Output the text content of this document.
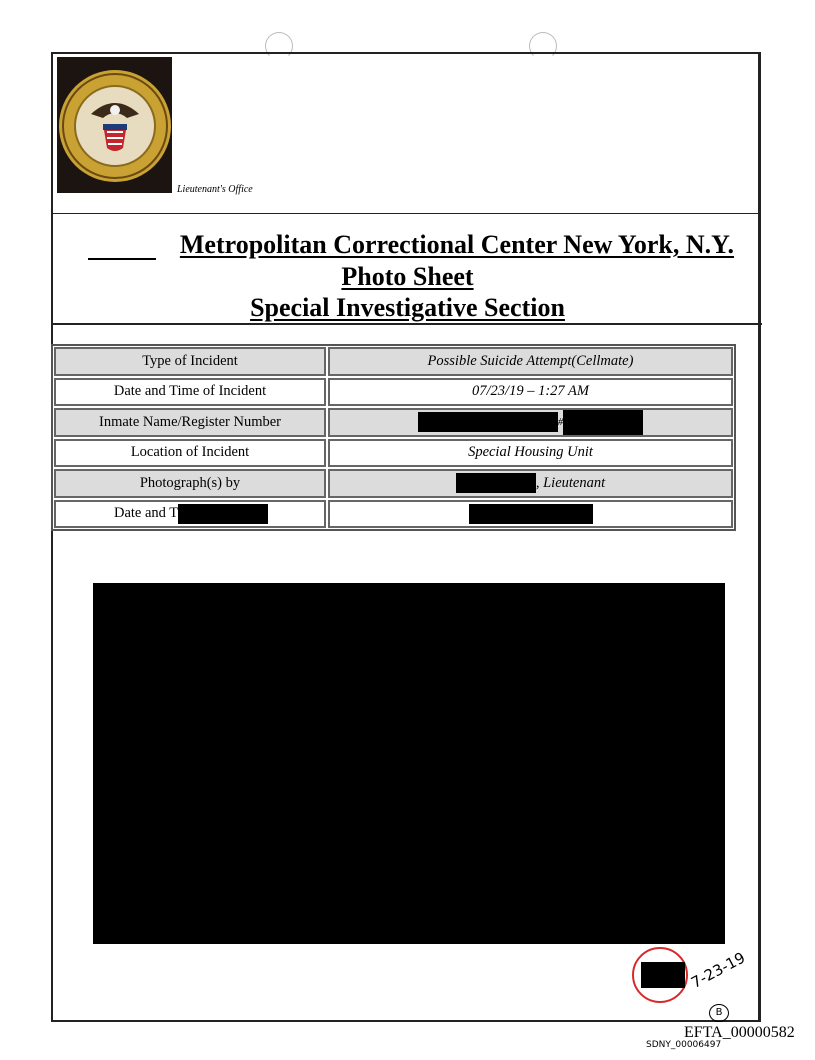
Lieutenant's Office
Metropolitan Correctional Center New York, N.Y.
Photo Sheet
Special Investigative Section
Type of Incident	Possible Suicide Attempt(Cellmate)
Date and Time of Incident	07/23/19 – 1:27 AM
Inmate Name/Register Number	#
Location of Incident	Special Housing Unit
Photograph(s) by	, Lieutenant
Date and T
7-23-19
B
EFTA_00000582
SDNY_00006497
